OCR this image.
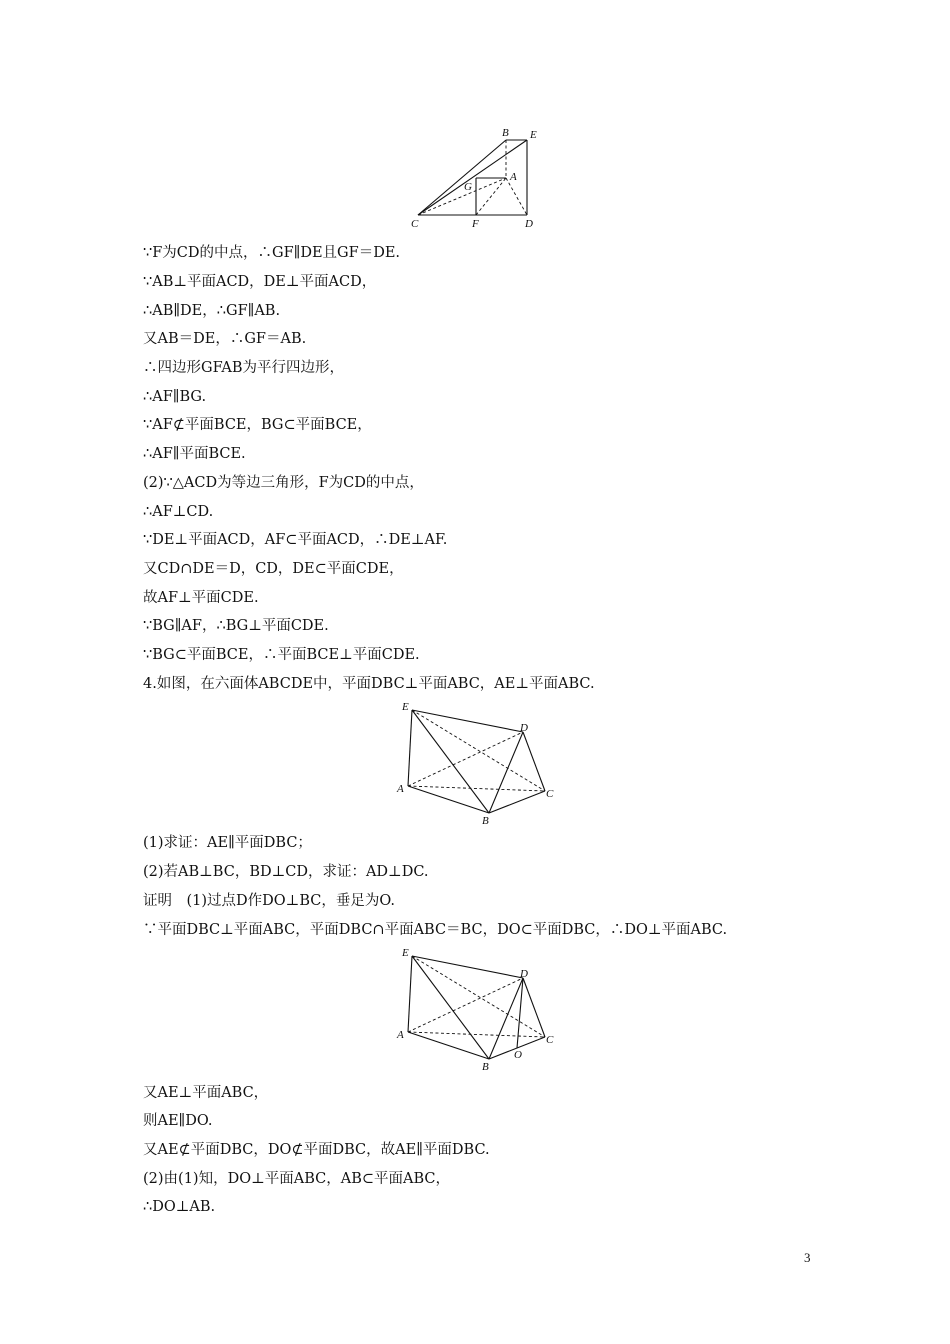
B E
A
G
C	F	D
∵F为CD的中点，∴GF∥DE且GF＝DE.
∵AB⊥平面ACD，DE⊥平面ACD，
∴AB∥DE，∴GF∥AB.
又AB＝DE，∴GF＝AB.
∴四边形GFAB为平行四边形，
∴AF∥BG.
∵AF⊄平面BCE，BG⊂平面BCE，
∴AF∥平面BCE.
(2)∵△ACD为等边三角形，F为CD的中点，
∴AF⊥CD.
∵DE⊥平面ACD，AF⊂平面ACD，∴DE⊥AF.
又CD∩DE＝D，CD，DE⊂平面CDE，
故AF⊥平面CDE.
∵BG∥AF，∴BG⊥平面CDE.
∵BG⊂平面BCE，∴平面BCE⊥平面CDE.
4.如图，在六面体ABCDE中，平面DBC⊥平面ABC，AE⊥平面ABC.
E
D
A	C
B
(1)求证：AE∥平面DBC；
(2)若AB⊥BC，BD⊥CD，求证：AD⊥DC.
证明　(1)过点D作DO⊥BC，垂足为O.
∵平面DBC⊥平面ABC，平面DBC∩平面ABC＝BC，DO⊂平面DBC，∴DO⊥平面ABC.
E
D
A	C
B
O
又AE⊥平面ABC，
则AE∥DO.
又AE⊄平面DBC，DO⊄平面DBC，故AE∥平面DBC.
(2)由(1)知，DO⊥平面ABC，AB⊂平面ABC，
∴DO⊥AB.
3
